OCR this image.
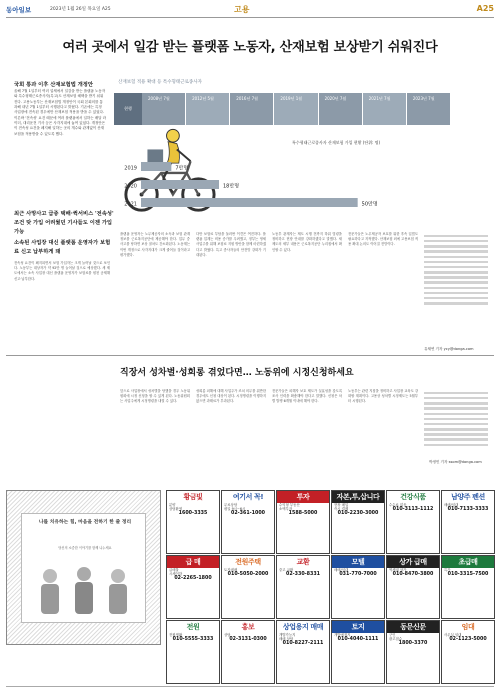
동아일보	2023년 1월 26일 목요일 A25	고용	A25
여러 곳에서 일감 받는 플랫폼 노동자, 산재보험 보상받기 쉬워진다
국회 통과 이후 산재보험법 개정안
올해 7월 1일부터 여러 업체에서 일감을 받는 플랫폼 노동자와 특수형태근로종사자(특고)도 산재보험 혜택을 받기 쉬워진다. 고용노동부는 산재보험법 개정안이 국회 본회의를 통과해 내년 7월 1일부터 시행된다고 밝혔다. 기존에는 특정 사업장에 전속된 경우에만 산재보험 적용을 받을 수 있었다. 이른바 '전속성' 요건 때문에 여러 플랫폼에서 일하는 배달 라이더, 대리운전 기사 등은 사각지대에 놓여 있었다. 개정안은 이 전속성 요건을 폐지해 일하는 곳의 개수와 관계없이 산재보험을 적용받을 수 있도록 했다.
최근 사망사고 급증 택배·퀵서비스 '전속성' 조건 탓 가입 어려웠던 기사들도 이젠 가입 가능
소속된 사업장 대신 플랫폼 운영자가 보험료 신고 납부하게 돼
산재보험 적용 확대 등 특수형태근로종사자
현행
2008년 7월	2012년 5월	2016년 7월	2019년 1월	2020년 7월	2021년 7월	2023년 7월
특수형태근로종사자 산재보험 가입 현황 (단위: 명)
2019	7만명
2020	18만명
2021	50만명
전속성 요건이 폐지되면서 보험 가입자는 크게 늘어날 것으로 보인다. 노동부는 대상자가 약 92만 명 늘어날 것으로 예상했다. 새 제도에서는 소속 사업장 대신 플랫폼 운영자가 보험료를 원천 공제해 신고·납부한다.
플랫폼 운영자는 노무제공자의 소득과 보험 관계 정보를 근로복지공단에 제공해야 한다. 업무 중 사고를 당하면 보상 절차도 간소화된다. 노동계는 이번 개정으로 사각지대가 크게 줄어들 것이라고 평가했다.
다만 보험료 부담을 둘러싼 이견은 여전하다. 플랫폼 업계는 비용 증가를 우려했고, 정부는 영세 사업주를 위해 보험료 지원 방안을 함께 마련하겠다고 밝혔다. 특고 종사자들의 안전망 강화가 기대된다.
노동부 관계자는 제도 시행 전까지 하위 법령을 정비하고 현장 안내를 강화하겠다고 말했다. 새 제도의 세부 내용은 근로복지공단 누리집에서 확인할 수 있다.
전문가들은 노무제공자 보호를 위한 후속 입법도 필요하다고 지적했다. 산재보험 외에 고용보험 적용 확대 논의도 이어질 전망이다.
유채연 기자 ycy@donga.com
직장서 성차별·성희롱 겪었다면… 노동위에 시정신청하세요
앞으로 사업장에서 성차별을 당했을 경우 노동위원회에 시정 신청을 할 수 있게 된다. 노동위원회는 사업주에게 시정명령을 내릴 수 있다.
성희롱 피해에 대해 사업주가 조치 의무를 위반한 경우에도 신청 대상이 된다. 시정명령을 이행하지 않으면 과태료가 부과된다.
전문가들은 피해자 보호 제도가 실효성을 갖도록 조사 인력을 확충해야 한다고 말했다. 신청은 차별 발생 6개월 이내에 해야 한다.
노동부는 관련 지침을 정비하고 사업장 교육도 강화할 계획이다. 고용상 성차별 시정제도는 5월부터 시행된다.
박정민 기자 ssom@donga.com
나를 치유하는 힘, 마음을 전하기 한 줄 정리
당신의 소중한 이야기를 함께 나누세요
황금빛
분양
상담환영
1600-3335
여기서 꼭!
무료상담
평일 9시~6시
02-361-1000
투자
수익형 부동산
소액투자
1588-5000
자본,투,삽니다
현장 매입
즉시 결제
010-2230-3000
건강식품
수수료 없음
010-3113-1112
남양주 펜션
매매/임대
010-7133-3333
급 매
급매물
시세이하
02-2265-1800
전원주택
토지매매
010-5050-2000
교환
중고 교환
02-330-8331
모텔
매매/임대
031-770-7000
상가 급매
역세권 상가
010-8470-3800
초급매
특가
010-3315-7500
전원
전원생활
010-5555-3333
홍보
상담
02-3131-0300
상업용지 매매
개발가능지
매매 상담
010-8227-2111
토지
개발예정지
010-4040-1111
동문신문
구인
광고접수
1800-3370
임대
사무실 임대
02-1123-5000
